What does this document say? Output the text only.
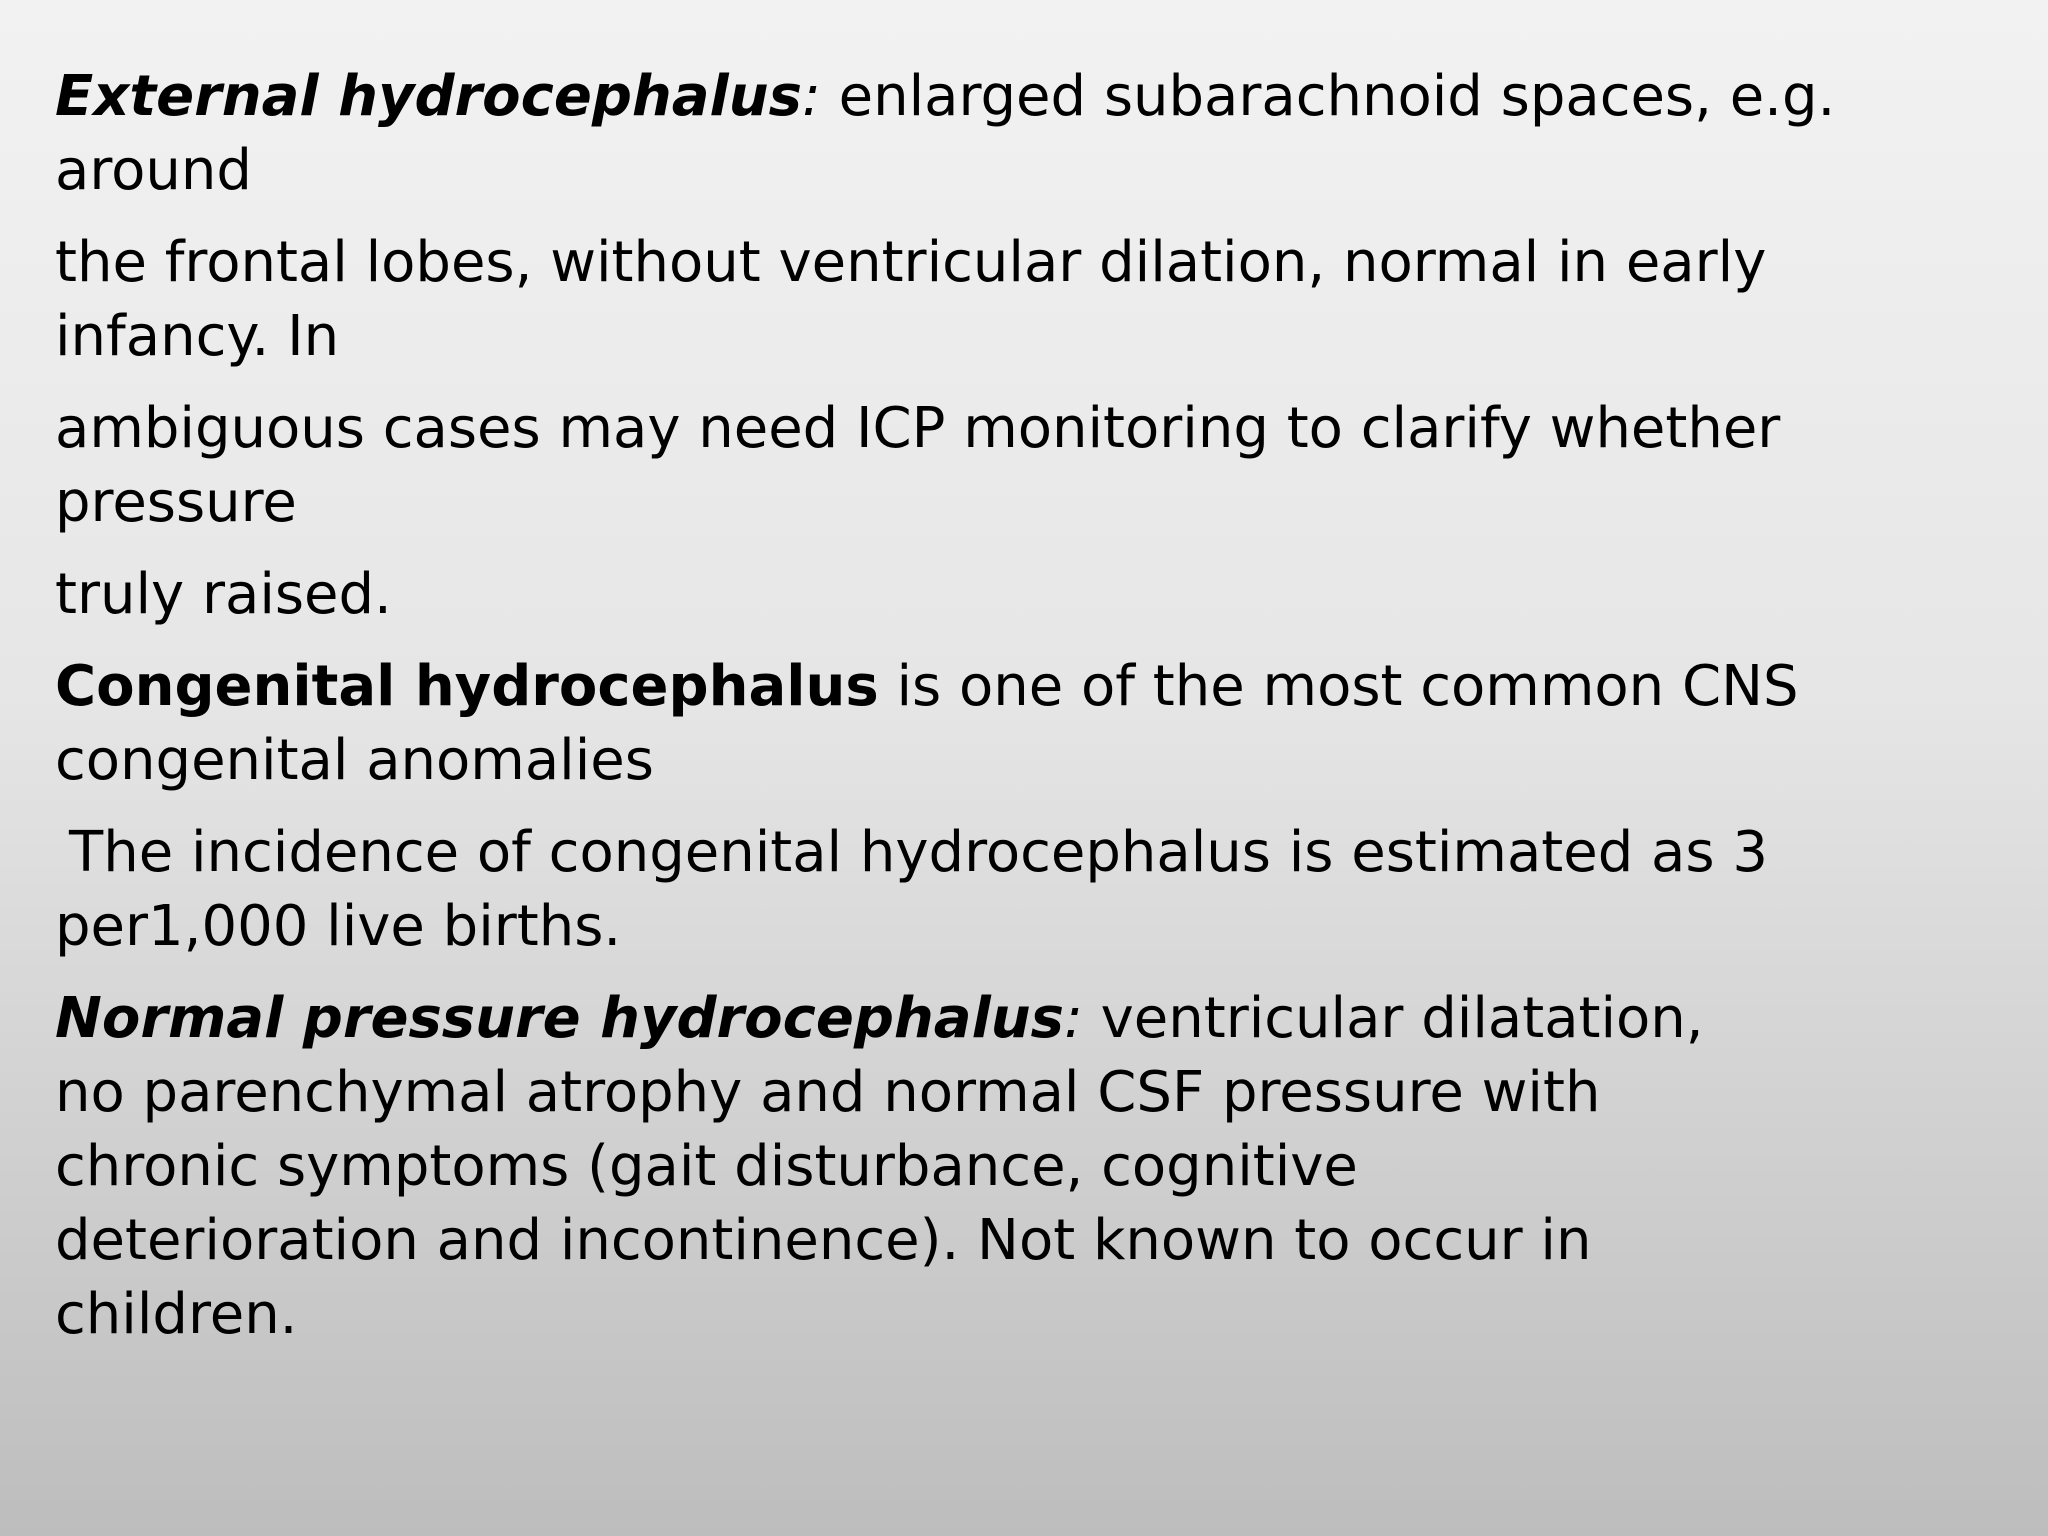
External hydrocephalus: enlarged subarachnoid spaces, e.g. around

the frontal lobes, without ventricular dilation, normal in early infancy. In

ambiguous cases may need ICP monitoring to clarify whether pressure

truly raised.

Congenital hydrocephalus is one of the most common CNS congenital anomalies

The incidence of congenital hydrocephalus is estimated as 3 per1,000 live births.

Normal pressure hydrocephalus: ventricular dilatation, no parenchymal atrophy and normal CSF pressure with chronic symptoms (gait disturbance, cognitive deterioration and incontinence). Not known to occur in children.
